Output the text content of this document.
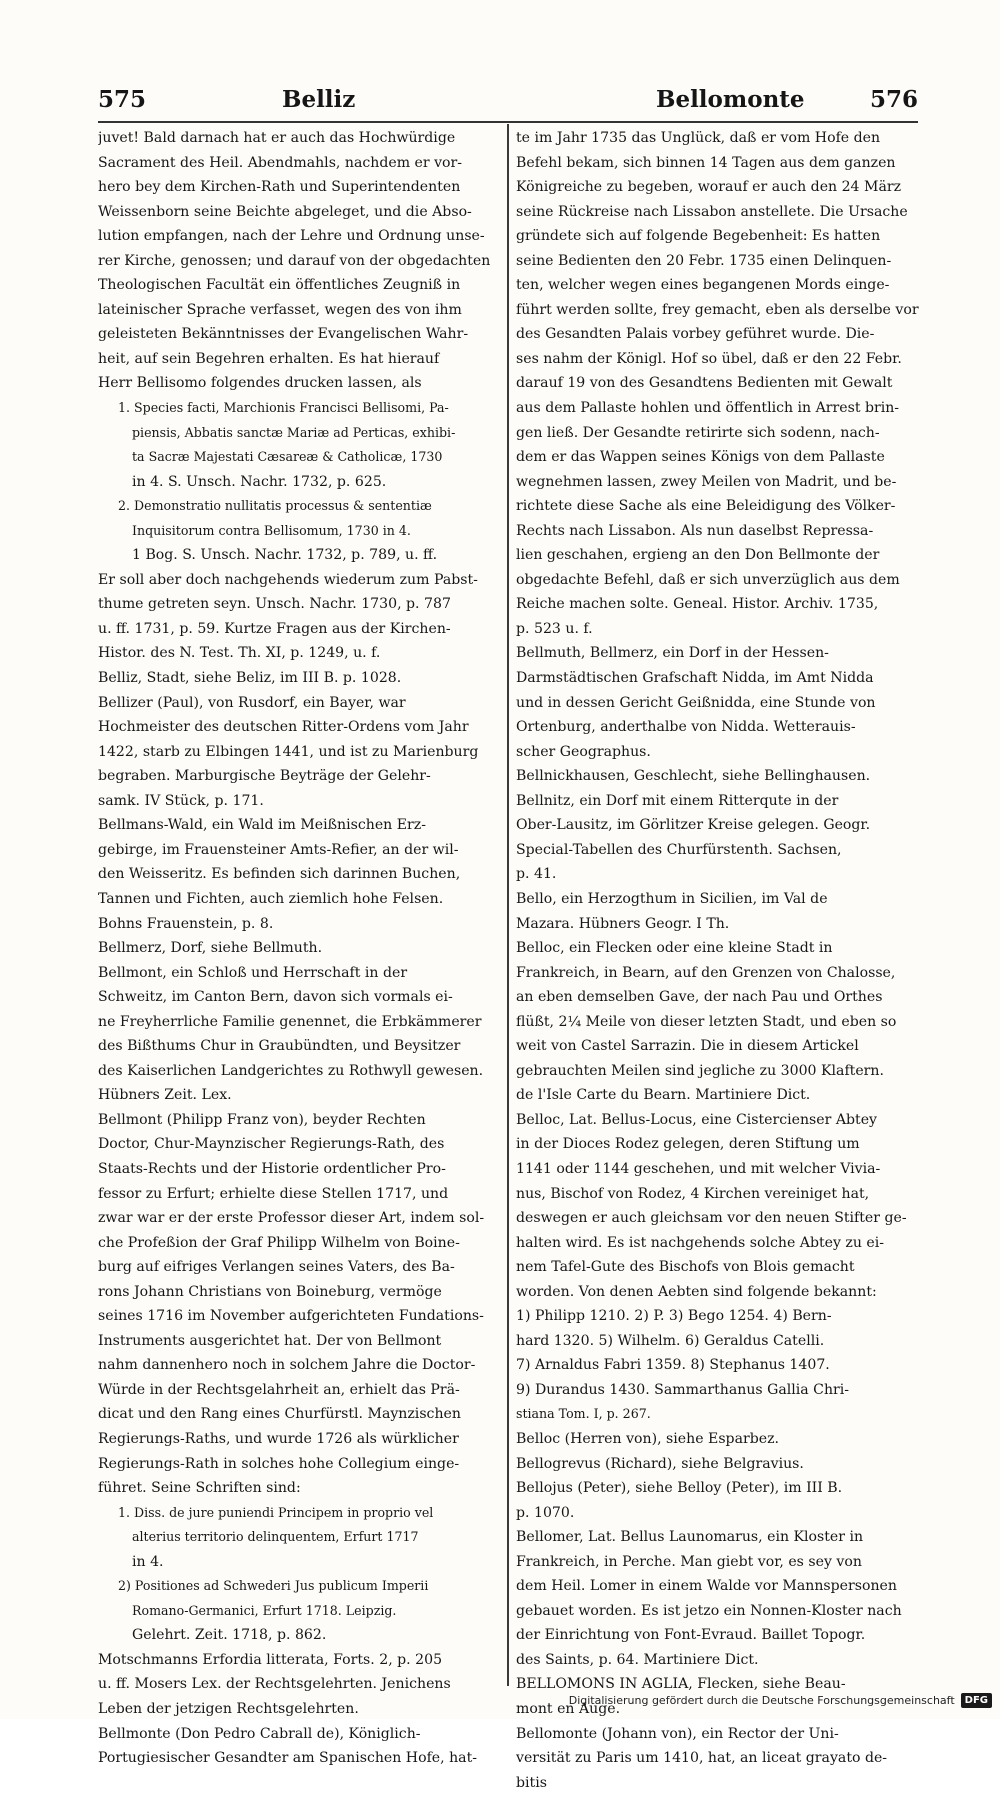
575	Belliz	Bellomonte	576
juvet! Bald darnach hat er auch das Hochwürdige
Sacrament des Heil. Abendmahls, nachdem er vor-
hero bey dem Kirchen-Rath und Superintendenten
Weissenborn seine Beichte abgeleget, und die Abso-
lution empfangen, nach der Lehre und Ordnung unse-
rer Kirche, genossen; und darauf von der obgedachten
Theologischen Facultät ein öffentliches Zeugniß in
lateinischer Sprache verfasset, wegen des von ihm
geleisteten Bekänntnisses der Evangelischen Wahr-
heit, auf sein Begehren erhalten. Es hat hierauf
Herr Bellisomo folgendes drucken lassen, als
1. Species facti, Marchionis Francisci Bellisomi, Pa-
piensis, Abbatis sanctæ Mariæ ad Perticas, exhibi-
ta Sacræ Majestati Cæsareæ & Catholicæ, 1730
in 4. S. Unsch. Nachr. 1732, p. 625.
2. Demonstratio nullitatis processus & sententiæ
Inquisitorum contra Bellisomum, 1730 in 4.
1 Bog. S. Unsch. Nachr. 1732, p. 789, u. ff.
Er soll aber doch nachgehends wiederum zum Pabst-
thume getreten seyn. Unsch. Nachr. 1730, p. 787
u. ff. 1731, p. 59. Kurtze Fragen aus der Kirchen-
Histor. des N. Test. Th. XI, p. 1249, u. f.
Belliz, Stadt, siehe Beliz, im III B. p. 1028.
Bellizer (Paul), von Rusdorf, ein Bayer, war
Hochmeister des deutschen Ritter-Ordens vom Jahr
1422, starb zu Elbingen 1441, und ist zu Marienburg
begraben. Marburgische Beyträge der Gelehr-
samk. IV Stück, p. 171.
Bellmans-Wald, ein Wald im Meißnischen Erz-
gebirge, im Frauensteiner Amts-Refier, an der wil-
den Weisseritz. Es befinden sich darinnen Buchen,
Tannen und Fichten, auch ziemlich hohe Felsen.
Bohns Frauenstein, p. 8.
Bellmerz, Dorf, siehe Bellmuth.
Bellmont, ein Schloß und Herrschaft in der
Schweitz, im Canton Bern, davon sich vormals ei-
ne Freyherrliche Familie genennet, die Erbkämmerer
des Bißthums Chur in Graubündten, und Beysitzer
des Kaiserlichen Landgerichtes zu Rothwyll gewesen.
Hübners Zeit. Lex.
Bellmont (Philipp Franz von), beyder Rechten
Doctor, Chur-Maynzischer Regierungs-Rath, des
Staats-Rechts und der Historie ordentlicher Pro-
fessor zu Erfurt; erhielte diese Stellen 1717, und
zwar war er der erste Professor dieser Art, indem sol-
che Profeßion der Graf Philipp Wilhelm von Boine-
burg auf eifriges Verlangen seines Vaters, des Ba-
rons Johann Christians von Boineburg, vermöge
seines 1716 im November aufgerichteten Fundations-
Instruments ausgerichtet hat. Der von Bellmont
nahm dannenhero noch in solchem Jahre die Doctor-
Würde in der Rechtsgelahrheit an, erhielt das Prä-
dicat und den Rang eines Churfürstl. Maynzischen
Regierungs-Raths, und wurde 1726 als würklicher
Regierungs-Rath in solches hohe Collegium einge-
führet. Seine Schriften sind:
1. Diss. de jure puniendi Principem in proprio vel
alterius territorio delinquentem, Erfurt 1717
in 4.
2) Positiones ad Schwederi Jus publicum Imperii
Romano-Germanici, Erfurt 1718. Leipzig.
Gelehrt. Zeit. 1718, p. 862.
Motschmanns Erfordia litterata, Forts. 2, p. 205
u. ff. Mosers Lex. der Rechtsgelehrten. Jenichens
Leben der jetzigen Rechtsgelehrten.
Bellmonte (Don Pedro Cabrall de), Königlich-
Portugiesischer Gesandter am Spanischen Hofe, hat-
te im Jahr 1735 das Unglück, daß er vom Hofe den
Befehl bekam, sich binnen 14 Tagen aus dem ganzen
Königreiche zu begeben, worauf er auch den 24 März
seine Rückreise nach Lissabon anstellete. Die Ursache
gründete sich auf folgende Begebenheit: Es hatten
seine Bedienten den 20 Febr. 1735 einen Delinquen-
ten, welcher wegen eines begangenen Mords einge-
führt werden sollte, frey gemacht, eben als derselbe vor
des Gesandten Palais vorbey geführet wurde. Die-
ses nahm der Königl. Hof so übel, daß er den 22 Febr.
darauf 19 von des Gesandtens Bedienten mit Gewalt
aus dem Pallaste hohlen und öffentlich in Arrest brin-
gen ließ. Der Gesandte retirirte sich sodenn, nach-
dem er das Wappen seines Königs von dem Pallaste
wegnehmen lassen, zwey Meilen von Madrit, und be-
richtete diese Sache als eine Beleidigung des Völker-
Rechts nach Lissabon. Als nun daselbst Repressa-
lien geschahen, ergieng an den Don Bellmonte der
obgedachte Befehl, daß er sich unverzüglich aus dem
Reiche machen solte. Geneal. Histor. Archiv. 1735,
p. 523 u. f.
Bellmuth, Bellmerz, ein Dorf in der Hessen-
Darmstädtischen Grafschaft Nidda, im Amt Nidda
und in dessen Gericht Geißnidda, eine Stunde von
Ortenburg, anderthalbe von Nidda. Wetterauis-
scher Geographus.
Bellnickhausen, Geschlecht, siehe Bellinghausen.
Bellnitz, ein Dorf mit einem Ritterqute in der
Ober-Lausitz, im Görlitzer Kreise gelegen. Geogr.
Special-Tabellen des Churfürstenth. Sachsen,
p. 41.
Bello, ein Herzogthum in Sicilien, im Val de
Mazara. Hübners Geogr. I Th.
Belloc, ein Flecken oder eine kleine Stadt in
Frankreich, in Bearn, auf den Grenzen von Chalosse,
an eben demselben Gave, der nach Pau und Orthes
flüßt, 2¼ Meile von dieser letzten Stadt, und eben so
weit von Castel Sarrazin. Die in diesem Artickel
gebrauchten Meilen sind jegliche zu 3000 Klaftern.
de l'Isle Carte du Bearn. Martiniere Dict.
Belloc, Lat. Bellus-Locus, eine Cistercienser Abtey
in der Dioces Rodez gelegen, deren Stiftung um
1141 oder 1144 geschehen, und mit welcher Vivia-
nus, Bischof von Rodez, 4 Kirchen vereiniget hat,
deswegen er auch gleichsam vor den neuen Stifter ge-
halten wird. Es ist nachgehends solche Abtey zu ei-
nem Tafel-Gute des Bischofs von Blois gemacht
worden. Von denen Aebten sind folgende bekannt:
1) Philipp 1210. 2) P. 3) Bego 1254. 4) Bern-
hard 1320. 5) Wilhelm. 6) Geraldus Catelli.
7) Arnaldus Fabri 1359. 8) Stephanus 1407.
9) Durandus 1430. Sammarthanus Gallia Chri-
stiana Tom. I, p. 267.
Belloc (Herren von), siehe Esparbez.
Bellogrevus (Richard), siehe Belgravius.
Bellojus (Peter), siehe Belloy (Peter), im III B.
p. 1070.
Bellomer, Lat. Bellus Launomarus, ein Kloster in
Frankreich, in Perche. Man giebt vor, es sey von
dem Heil. Lomer in einem Walde vor Mannspersonen
gebauet worden. Es ist jetzo ein Nonnen-Kloster nach
der Einrichtung von Font-Evraud. Baillet Topogr.
des Saints, p. 64. Martiniere Dict.
BELLOMONS IN AGLIA, Flecken, siehe Beau-
mont en Auge.
Bellomonte (Johann von), ein Rector der Uni-
versität zu Paris um 1410, hat, an liceat grayato de-
bitis
Digitalisierung gefördert durch die Deutsche Forschungsgemeinschaft	DFG
